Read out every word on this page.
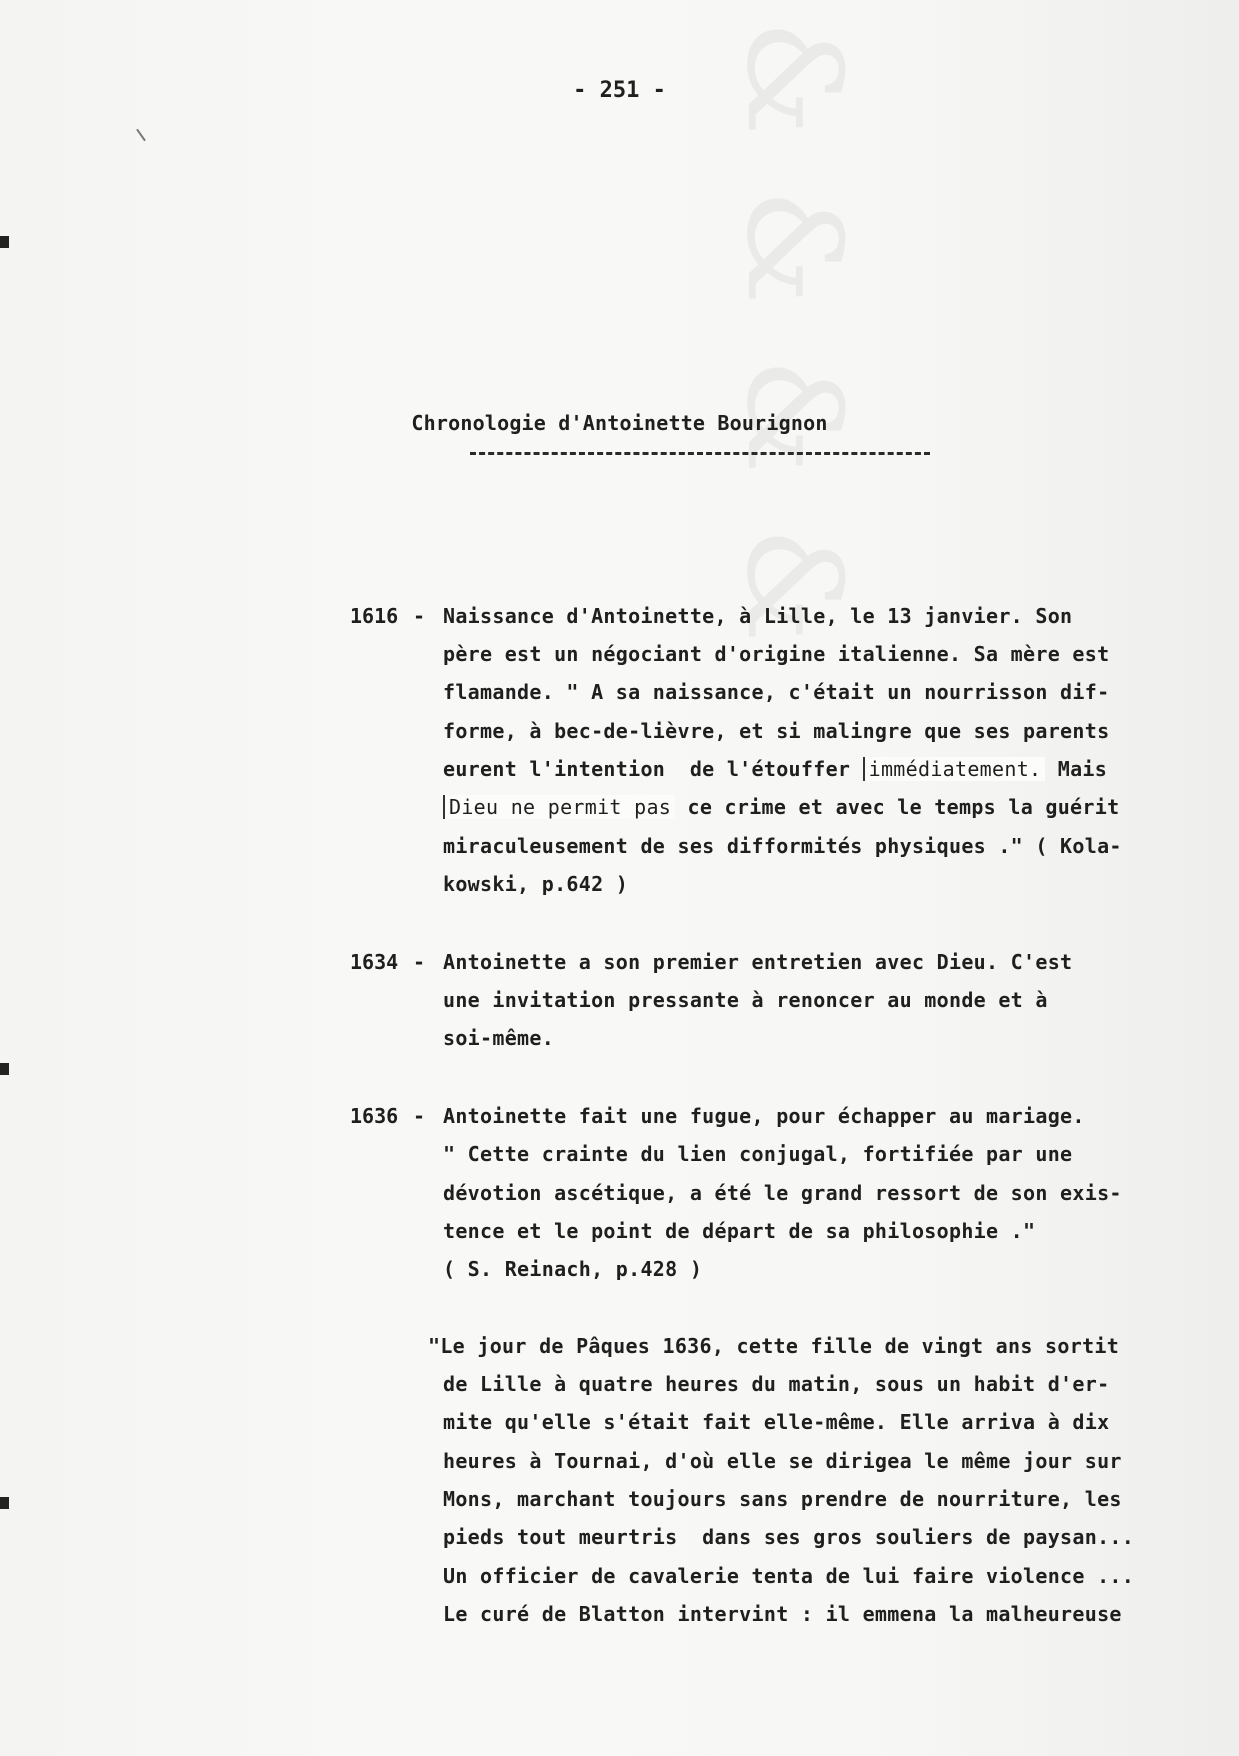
& & & &
- 251 -
Chronologie d'Antoinette Bourignon
1616 - Naissance d'Antoinette, à Lille, le 13 janvier. Son
père est un négociant d'origine italienne. Sa mère est
flamande. " A sa naissance, c'était un nourrisson dif-
forme, à bec-de-lièvre, et si malingre que ses parents
eurent l'intention  de l'étouffer immédiatement. Mais
Dieu ne permit pas ce crime et avec le temps la guérit
miraculeusement de ses difformités physiques ." ( Kola-
kowski, p.642 )
1634 - Antoinette a son premier entretien avec Dieu. C'est
une invitation pressante à renoncer au monde et à
soi-même.
1636 - Antoinette fait une fugue, pour échapper au mariage.
" Cette crainte du lien conjugal, fortifiée par une
dévotion ascétique, a été le grand ressort de son exis-
tence et le point de départ de sa philosophie ."
( S. Reinach, p.428 )
"Le jour de Pâques 1636, cette fille de vingt ans sortit
de Lille à quatre heures du matin, sous un habit d'er-
mite qu'elle s'était fait elle-même. Elle arriva à dix
heures à Tournai, d'où elle se dirigea le même jour sur
Mons, marchant toujours sans prendre de nourriture, les
pieds tout meurtris  dans ses gros souliers de paysan...
Un officier de cavalerie tenta de lui faire violence ...
Le curé de Blatton intervint : il emmena la malheureuse
